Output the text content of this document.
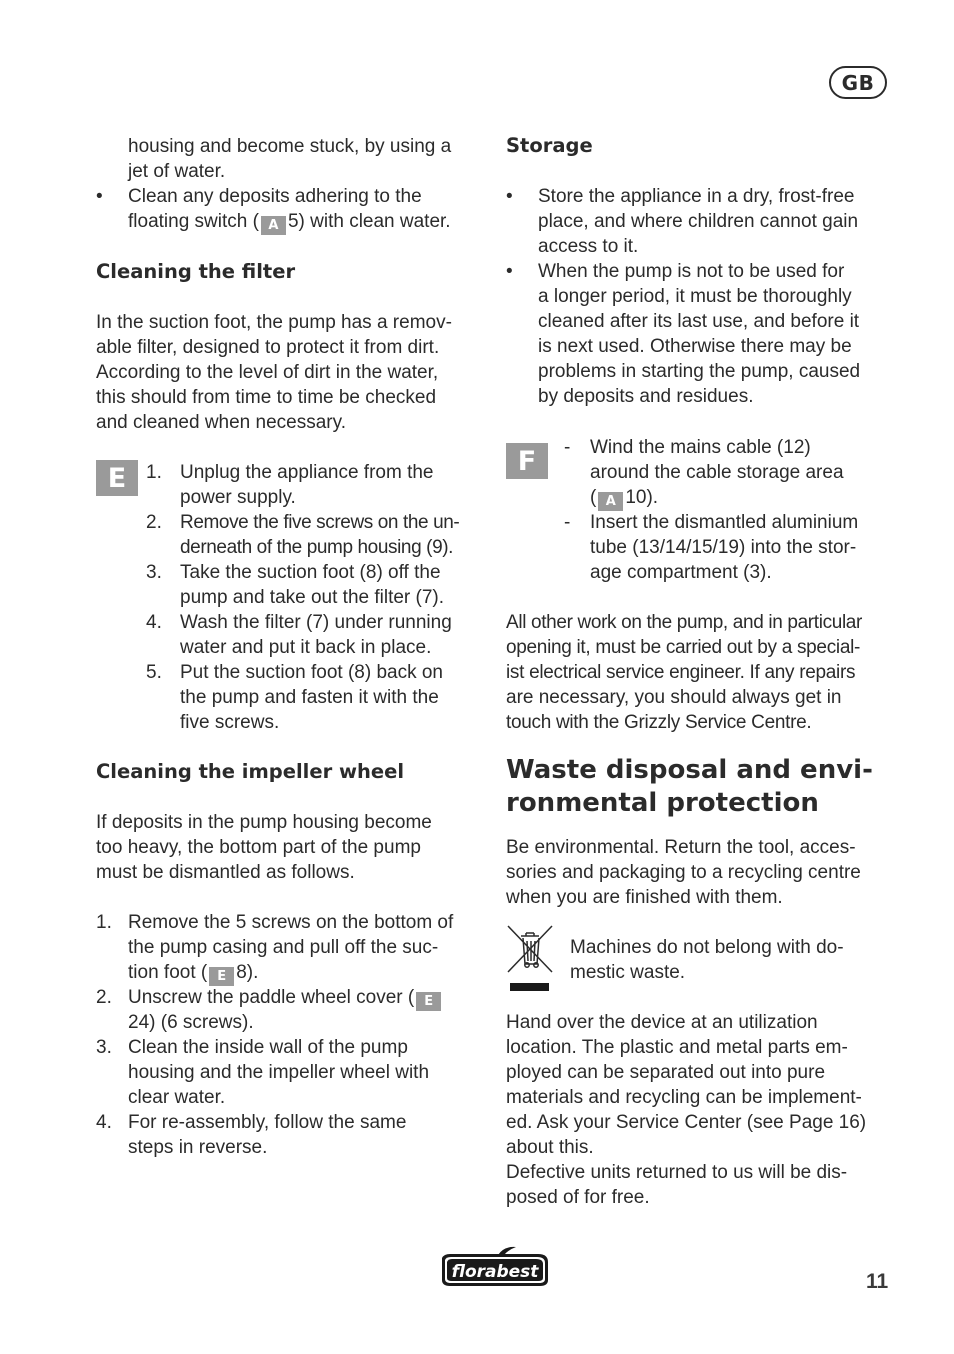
GB
housing and become stuck, by using a
jet of water.
• Clean any deposits adhering to the
floating switch ( A 5) with clean water.
Cleaning the filter
In the suction foot, the pump has a remov-
able filter, designed to protect it from dirt.
According to the level of dirt in the water,
this should from time to time be checked
and cleaned when necessary.
E	1. Unplug the appliance from the
power supply.
2. Remove the five screws on the un-
derneath of the pump housing (9).
3. Take the suction foot (8) off the
pump and take out the filter (7).
4. Wash the filter (7) under running
water and put it back in place.
5. Put the suction foot (8) back on
the pump and fasten it with the
five screws.
Cleaning the impeller wheel
If deposits in the pump housing become
too heavy, the bottom part of the pump
must be dismantled as follows.
1. Remove the 5 screws on the bottom of
the pump casing and pull off the suc-
tion foot ( E 8).
2. Unscrew the paddle wheel cover ( E
24) (6 screws).
3. Clean the inside wall of the pump
housing and the impeller wheel with
clear water.
4. For re-assembly, follow the same
steps in reverse.
Storage
• Store the appliance in a dry, frost-free
place, and where children cannot gain
access to it.
• When the pump is not to be used for
a longer period, it must be thoroughly
cleaned after its last use, and before it
is next used. Otherwise there may be
problems in starting the pump, caused
by deposits and residues.
F	- Wind the mains cable (12)
around the cable storage area
( A 10).
- Insert the dismantled aluminium
tube (13/14/15/19) into the stor-
age compartment (3).
All other work on the pump, and in particular
opening it, must be carried out by a special-
ist electrical service engineer. If any repairs
are necessary, you should always get in
touch with the Grizzly Service Centre.
Waste disposal and envi-
ronmental protection
Be environmental. Return the tool, acces-
sories and packaging to a recycling centre
when you are finished with them.
Machines do not belong with do-
mestic waste.
Hand over the device at an utilization
location. The plastic and metal parts em-
ployed can be separated out into pure
materials and recycling can be implement-
ed. Ask your Service Center (see Page 16)
about this.
Defective units returned to us will be dis-
posed of for free.
florabest	11
